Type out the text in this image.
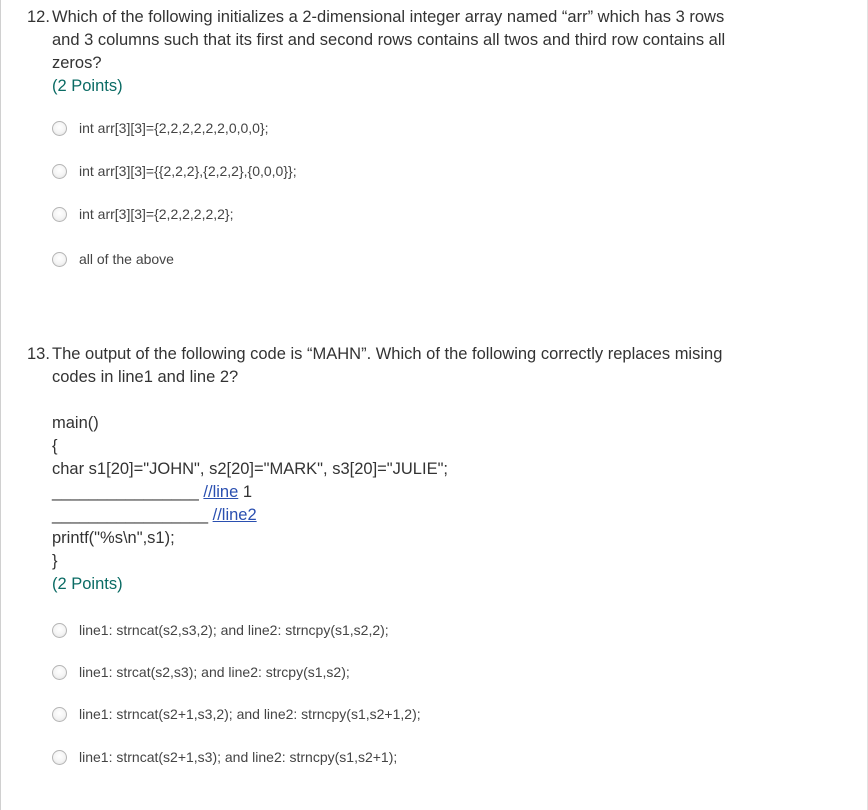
12. Which of the following initializes a 2-dimensional integer array named “arr” which has 3 rows
and 3 columns such that its first and second rows contains all twos and third row contains all
zeros?
(2 Points)
int arr[3][3]={2,2,2,2,2,2,0,0,0};
int arr[3][3]={{2,2,2},{2,2,2},{0,0,0}};
int arr[3][3]={2,2,2,2,2,2};
all of the above
13. The output of the following code is “MAHN”. Which of the following correctly replaces mising
codes in line1 and line 2?
main()
{
char s1[20]="JOHN", s2[20]="MARK", s3[20]="JULIE";
________________ //line 1
_________________ //line2
printf("%s\n",s1);
}
(2 Points)
line1: strncat(s2,s3,2); and line2: strncpy(s1,s2,2);
line1: strcat(s2,s3); and line2: strcpy(s1,s2);
line1: strncat(s2+1,s3,2); and line2: strncpy(s1,s2+1,2);
line1: strncat(s2+1,s3); and line2: strncpy(s1,s2+1);
